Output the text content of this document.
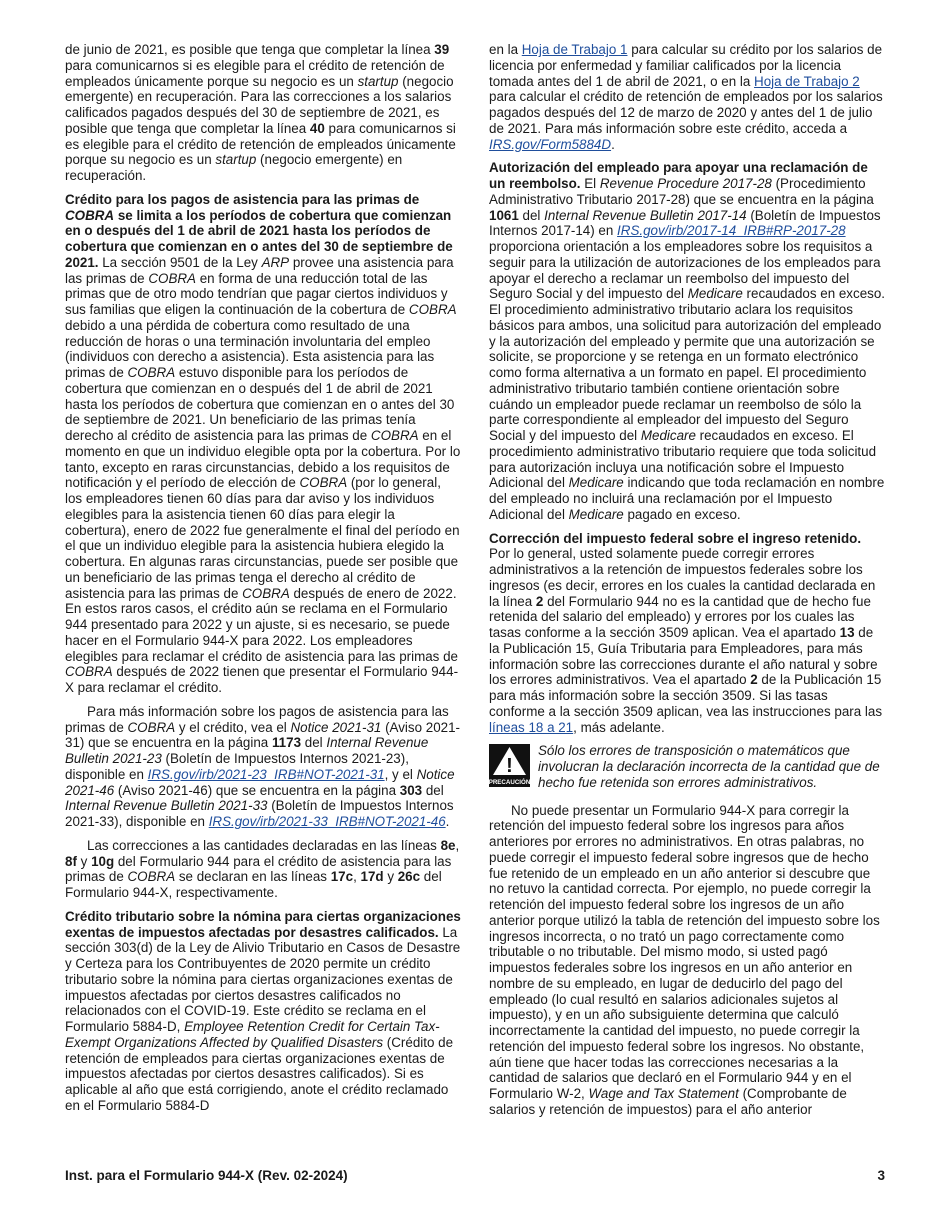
de junio de 2021, es posible que tenga que completar la línea 39 para comunicarnos si es elegible para el crédito de retención de empleados únicamente porque su negocio es un startup (negocio emergente) en recuperación. Para las correcciones a los salarios calificados pagados después del 30 de septiembre de 2021, es posible que tenga que completar la línea 40 para comunicarnos si es elegible para el crédito de retención de empleados únicamente porque su negocio es un startup (negocio emergente) en recuperación.

Crédito para los pagos de asistencia para las primas de COBRA se limita a los períodos de cobertura que comienzan en o después del 1 de abril de 2021 hasta los períodos de cobertura que comienzan en o antes del 30 de septiembre de 2021. La sección 9501 de la Ley ARP provee una asistencia para las primas de COBRA en forma de una reducción total de las primas que de otro modo tendrían que pagar ciertos individuos y sus familias que eligen la continuación de la cobertura de COBRA debido a una pérdida de cobertura como resultado de una reducción de horas o una terminación involuntaria del empleo (individuos con derecho a asistencia). Esta asistencia para las primas de COBRA estuvo disponible para los períodos de cobertura que comienzan en o después del 1 de abril de 2021 hasta los períodos de cobertura que comienzan en o antes del 30 de septiembre de 2021. Un beneficiario de las primas tenía derecho al crédito de asistencia para las primas de COBRA en el momento en que un individuo elegible opta por la cobertura. Por lo tanto, excepto en raras circunstancias, debido a los requisitos de notificación y el período de elección de COBRA (por lo general, los empleadores tienen 60 días para dar aviso y los individuos elegibles para la asistencia tienen 60 días para elegir la cobertura), enero de 2022 fue generalmente el final del período en el que un individuo elegible para la asistencia hubiera elegido la cobertura. En algunas raras circunstancias, puede ser posible que un beneficiario de las primas tenga el derecho al crédito de asistencia para las primas de COBRA después de enero de 2022. En estos raros casos, el crédito aún se reclama en el Formulario 944 presentado para 2022 y un ajuste, si es necesario, se puede hacer en el Formulario 944-X para 2022. Los empleadores elegibles para reclamar el crédito de asistencia para las primas de COBRA después de 2022 tienen que presentar el Formulario 944-X para reclamar el crédito.

Para más información sobre los pagos de asistencia para las primas de COBRA y el crédito, vea el Notice 2021-31 (Aviso 2021-31) que se encuentra en la página 1173 del Internal Revenue Bulletin 2021-23 (Boletín de Impuestos Internos 2021-23), disponible en IRS.gov/irb/2021-23_IRB#NOT-2021-31, y el Notice 2021-46 (Aviso 2021-46) que se encuentra en la página 303 del Internal Revenue Bulletin 2021-33 (Boletín de Impuestos Internos 2021-33), disponible en IRS.gov/irb/2021-33_IRB#NOT-2021-46.

Las correcciones a las cantidades declaradas en las líneas 8e, 8f y 10g del Formulario 944 para el crédito de asistencia para las primas de COBRA se declaran en las líneas 17c, 17d y 26c del Formulario 944-X, respectivamente.

Crédito tributario sobre la nómina para ciertas organizaciones exentas de impuestos afectadas por desastres calificados. La sección 303(d) de la Ley de Alivio Tributario en Casos de Desastre y Certeza para los Contribuyentes de 2020 permite un crédito tributario sobre la nómina para ciertas organizaciones exentas de impuestos afectadas por ciertos desastres calificados no relacionados con el COVID-19. Este crédito se reclama en el Formulario 5884-D, Employee Retention Credit for Certain Tax-Exempt Organizations Affected by Qualified Disasters (Crédito de retención de empleados para ciertas organizaciones exentas de impuestos afectadas por ciertos desastres calificados). Si es aplicable al año que está corrigiendo, anote el crédito reclamado en el Formulario 5884-D

en la Hoja de Trabajo 1 para calcular su crédito por los salarios de licencia por enfermedad y familiar calificados por la licencia tomada antes del 1 de abril de 2021, o en la Hoja de Trabajo 2 para calcular el crédito de retención de empleados por los salarios pagados después del 12 de marzo de 2020 y antes del 1 de julio de 2021. Para más información sobre este crédito, acceda a IRS.gov/Form5884D.

Autorización del empleado para apoyar una reclamación de un reembolso. El Revenue Procedure 2017-28 (Procedimiento Administrativo Tributario 2017-28) que se encuentra en la página 1061 del Internal Revenue Bulletin 2017-14 (Boletín de Impuestos Internos 2017-14) en IRS.gov/irb/2017-14_IRB#RP-2017-28 proporciona orientación a los empleadores sobre los requisitos a seguir para la utilización de autorizaciones de los empleados para apoyar el derecho a reclamar un reembolso del impuesto del Seguro Social y del impuesto del Medicare recaudados en exceso. El procedimiento administrativo tributario aclara los requisitos básicos para ambos, una solicitud para autorización del empleado y la autorización del empleado y permite que una autorización se solicite, se proporcione y se retenga en un formato electrónico como forma alternativa a un formato en papel. El procedimiento administrativo tributario también contiene orientación sobre cuándo un empleador puede reclamar un reembolso de sólo la parte correspondiente al empleador del impuesto del Seguro Social y del impuesto del Medicare recaudados en exceso. El procedimiento administrativo tributario requiere que toda solicitud para autorización incluya una notificación sobre el Impuesto Adicional del Medicare indicando que toda reclamación en nombre del empleado no incluirá una reclamación por el Impuesto Adicional del Medicare pagado en exceso.

Corrección del impuesto federal sobre el ingreso retenido. Por lo general, usted solamente puede corregir errores administrativos a la retención de impuestos federales sobre los ingresos (es decir, errores en los cuales la cantidad declarada en la línea 2 del Formulario 944 no es la cantidad que de hecho fue retenida del salario del empleado) y errores por los cuales las tasas conforme a la sección 3509 aplican. Vea el apartado 13 de la Publicación 15, Guía Tributaria para Empleadores, para más información sobre las correcciones durante el año natural y sobre los errores administrativos. Vea el apartado 2 de la Publicación 15 para más información sobre la sección 3509. Si las tasas conforme a la sección 3509 aplican, vea las instrucciones para las líneas 18 a 21, más adelante.

!
PRECAUCIÓN

Sólo los errores de transposición o matemáticos que involucran la declaración incorrecta de la cantidad que de hecho fue retenida son errores administrativos.

No puede presentar un Formulario 944-X para corregir la retención del impuesto federal sobre los ingresos para años anteriores por errores no administrativos. En otras palabras, no puede corregir el impuesto federal sobre ingresos que de hecho fue retenido de un empleado en un año anterior si descubre que no retuvo la cantidad correcta. Por ejemplo, no puede corregir la retención del impuesto federal sobre los ingresos de un año anterior porque utilizó la tabla de retención del impuesto sobre los ingresos incorrecta, o no trató un pago correctamente como tributable o no tributable. Del mismo modo, si usted pagó impuestos federales sobre los ingresos en un año anterior en nombre de su empleado, en lugar de deducirlo del pago del empleado (lo cual resultó en salarios adicionales sujetos al impuesto), y en un año subsiguiente determina que calculó incorrectamente la cantidad del impuesto, no puede corregir la retención del impuesto federal sobre los ingresos. No obstante, aún tiene que hacer todas las correcciones necesarias a la cantidad de salarios que declaró en el Formulario 944 y en el Formulario W-2, Wage and Tax Statement (Comprobante de salarios y retención de impuestos) para el año anterior

Inst. para el Formulario 944-X (Rev. 02-2024)	3
